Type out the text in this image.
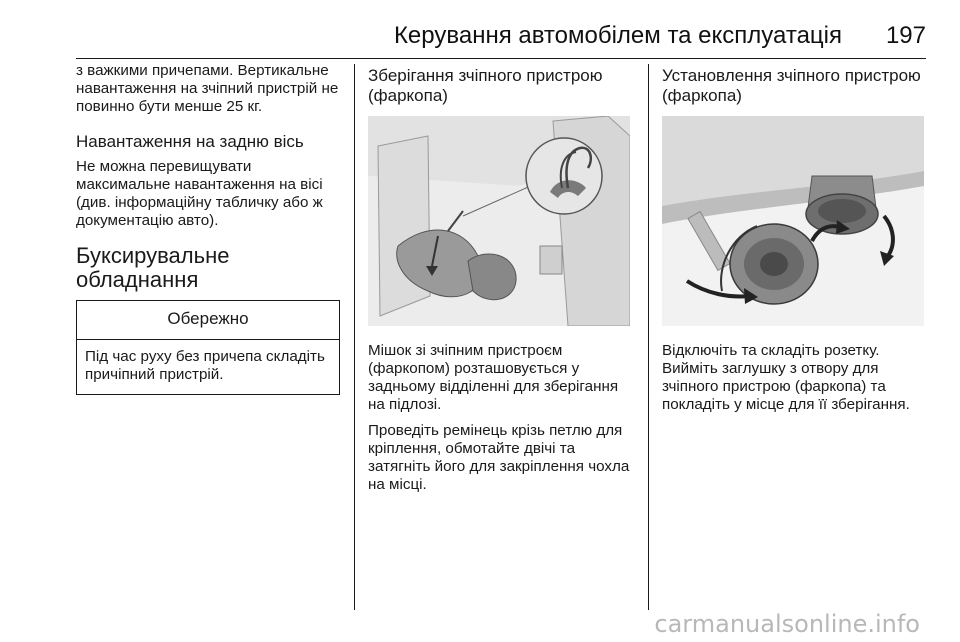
Керування автомобілем та експлуатація 197

з важкими причепами. Вертикальне навантаження на зчіпний пристрій не повинно бути менше 25 кг.

Навантаження на задню вісь

Не можна перевищувати максимальне навантаження на вісі (див. інформаційну табличку або ж документацію авто).

Буксирувальне обладнання
Обережно
Під час руху без причепа складіть причіпний пристрій.
Зберігання зчіпного пристрою (фаркопа)

Мішок зі зчіпним пристроєм (фаркопом) розташовується у задньому відділенні для зберігання на підлозі.

Проведіть ремінець крізь петлю для кріплення, обмотайте двічі та затягніть його для закріплення чохла на місці.

Установлення зчіпного пристрою (фаркопа)

Відключіть та складіть розетку. Вийміть заглушку з отвору для зчіпного пристрою (фаркопа) та покладіть у місце для її зберігання.

carmanualsonline.info
